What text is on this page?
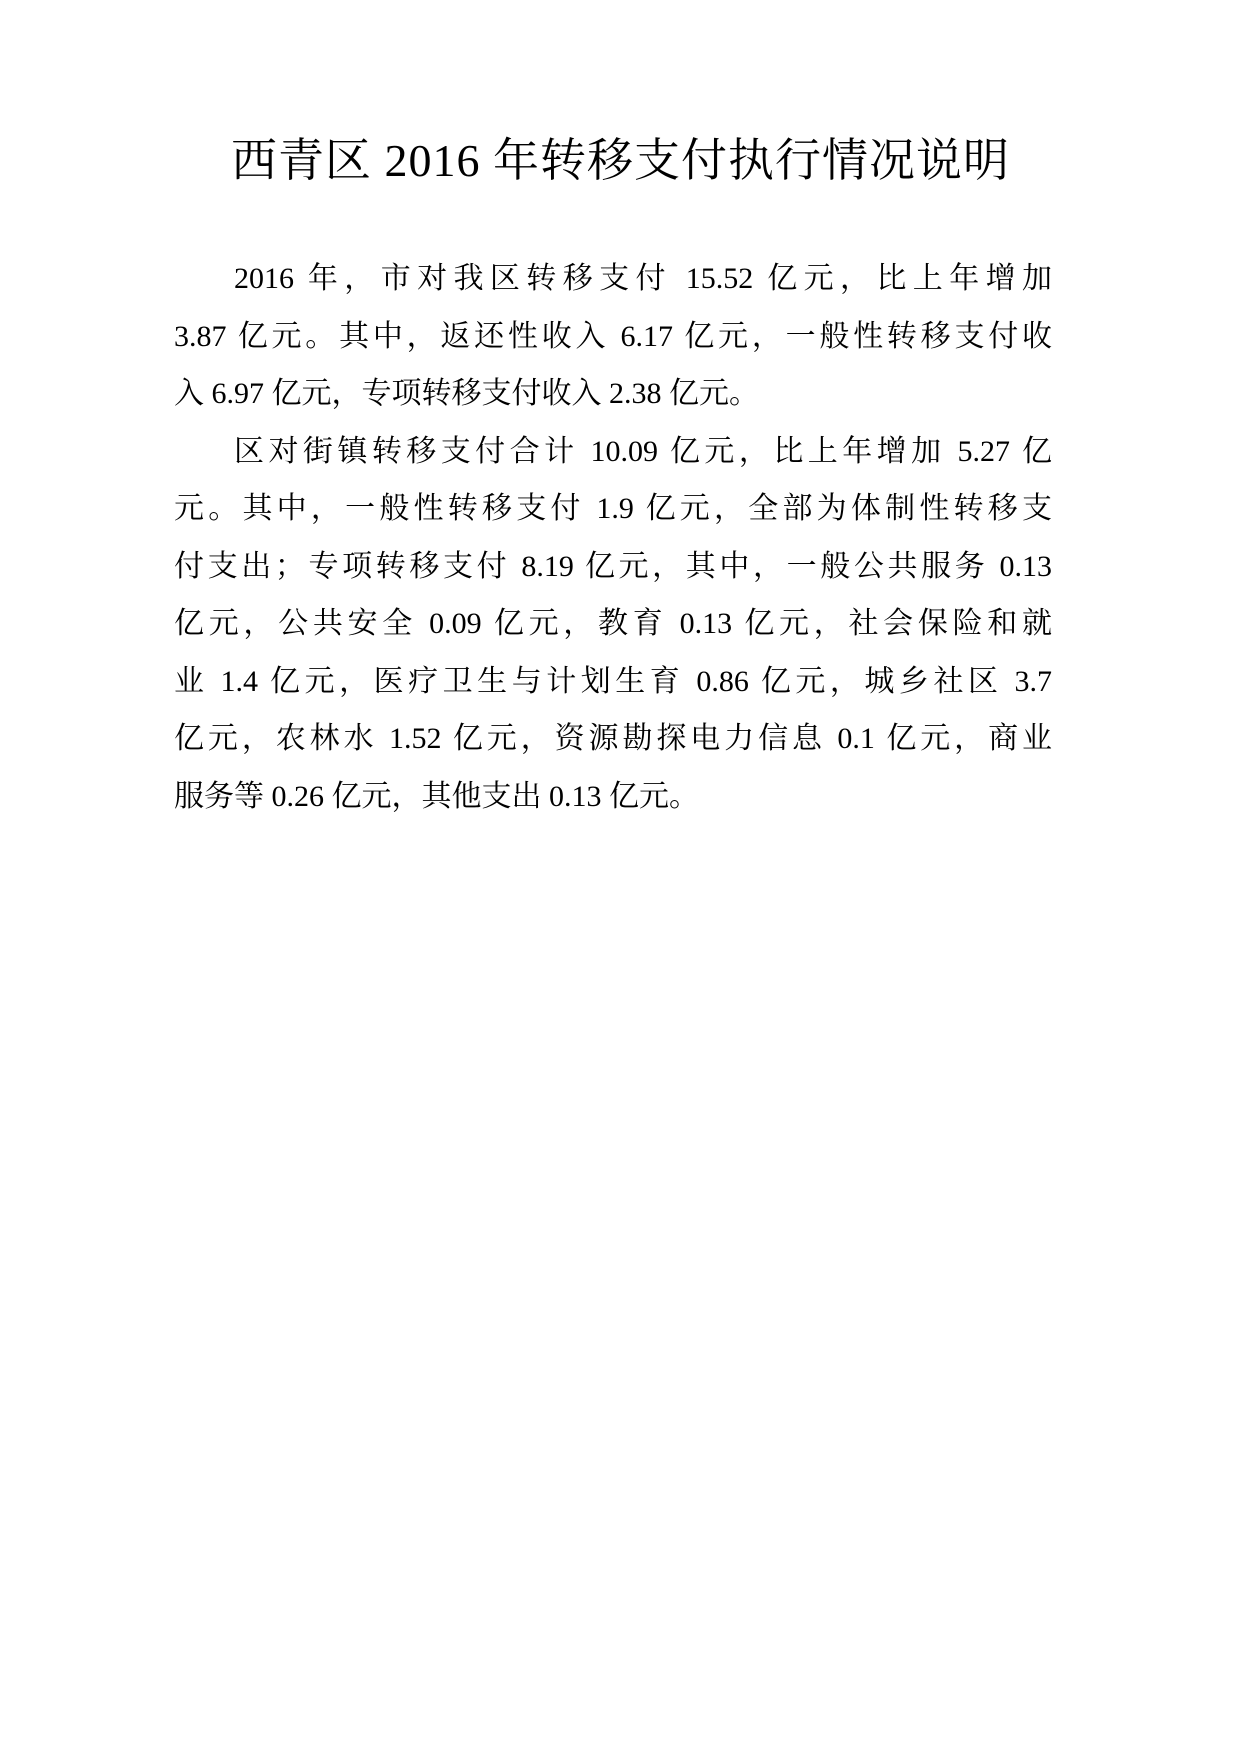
西青区 2016 年转移支付执行情况说明
2016 年，市对我区转移支付 15.52 亿元，比上年增加
3.87 亿元。其中，返还性收入 6.17 亿元，一般性转移支付收
入 6.97 亿元，专项转移支付收入 2.38 亿元。
区对街镇转移支付合计 10.09 亿元，比上年增加 5.27 亿
元。其中，一般性转移支付 1.9 亿元，全部为体制性转移支
付支出；专项转移支付 8.19 亿元，其中，一般公共服务 0.13
亿元，公共安全 0.09 亿元，教育 0.13 亿元，社会保险和就
业 1.4 亿元，医疗卫生与计划生育 0.86 亿元，城乡社区 3.7
亿元，农林水 1.52 亿元，资源勘探电力信息 0.1 亿元，商业
服务等 0.26 亿元，其他支出 0.13 亿元。
